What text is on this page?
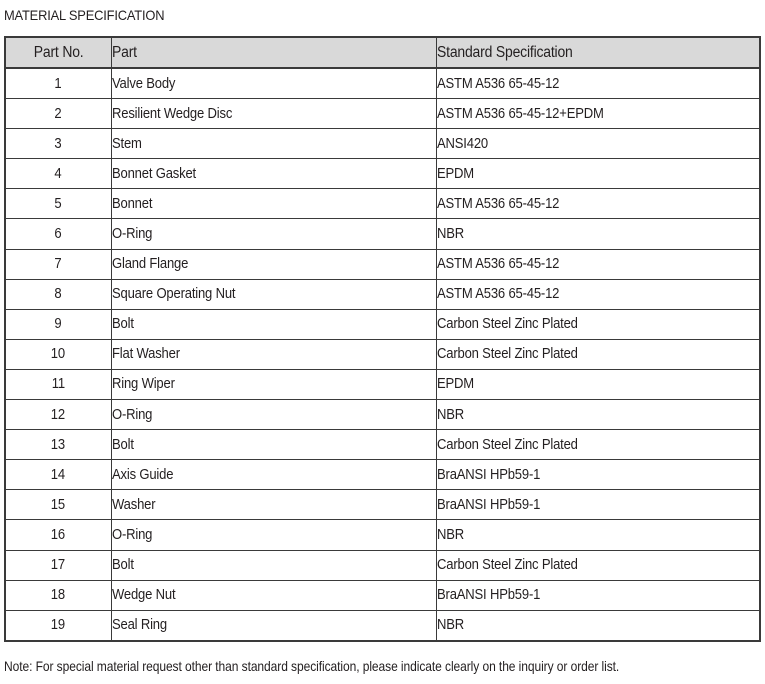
MATERIAL SPECIFICATION
Part No.	Part	Standard Specification
1	Valve Body	ASTM A536 65-45-12
2	Resilient Wedge Disc	ASTM A536 65-45-12+EPDM
3	Stem	ANSI420
4	Bonnet Gasket	EPDM
5	Bonnet	ASTM A536 65-45-12
6	O-Ring	NBR
7	Gland Flange	ASTM A536 65-45-12
8	Square Operating Nut	ASTM A536 65-45-12
9	Bolt	Carbon Steel Zinc Plated
10	Flat Washer	Carbon Steel Zinc Plated
11	Ring Wiper	EPDM
12	O-Ring	NBR
13	Bolt	Carbon Steel Zinc Plated
14	Axis Guide	BraANSI HPb59-1
15	Washer	BraANSI HPb59-1
16	O-Ring	NBR
17	Bolt	Carbon Steel Zinc Plated
18	Wedge Nut	BraANSI HPb59-1
19	Seal Ring	NBR
Note: For special material request other than standard specification, please indicate clearly on the inquiry or order list.
